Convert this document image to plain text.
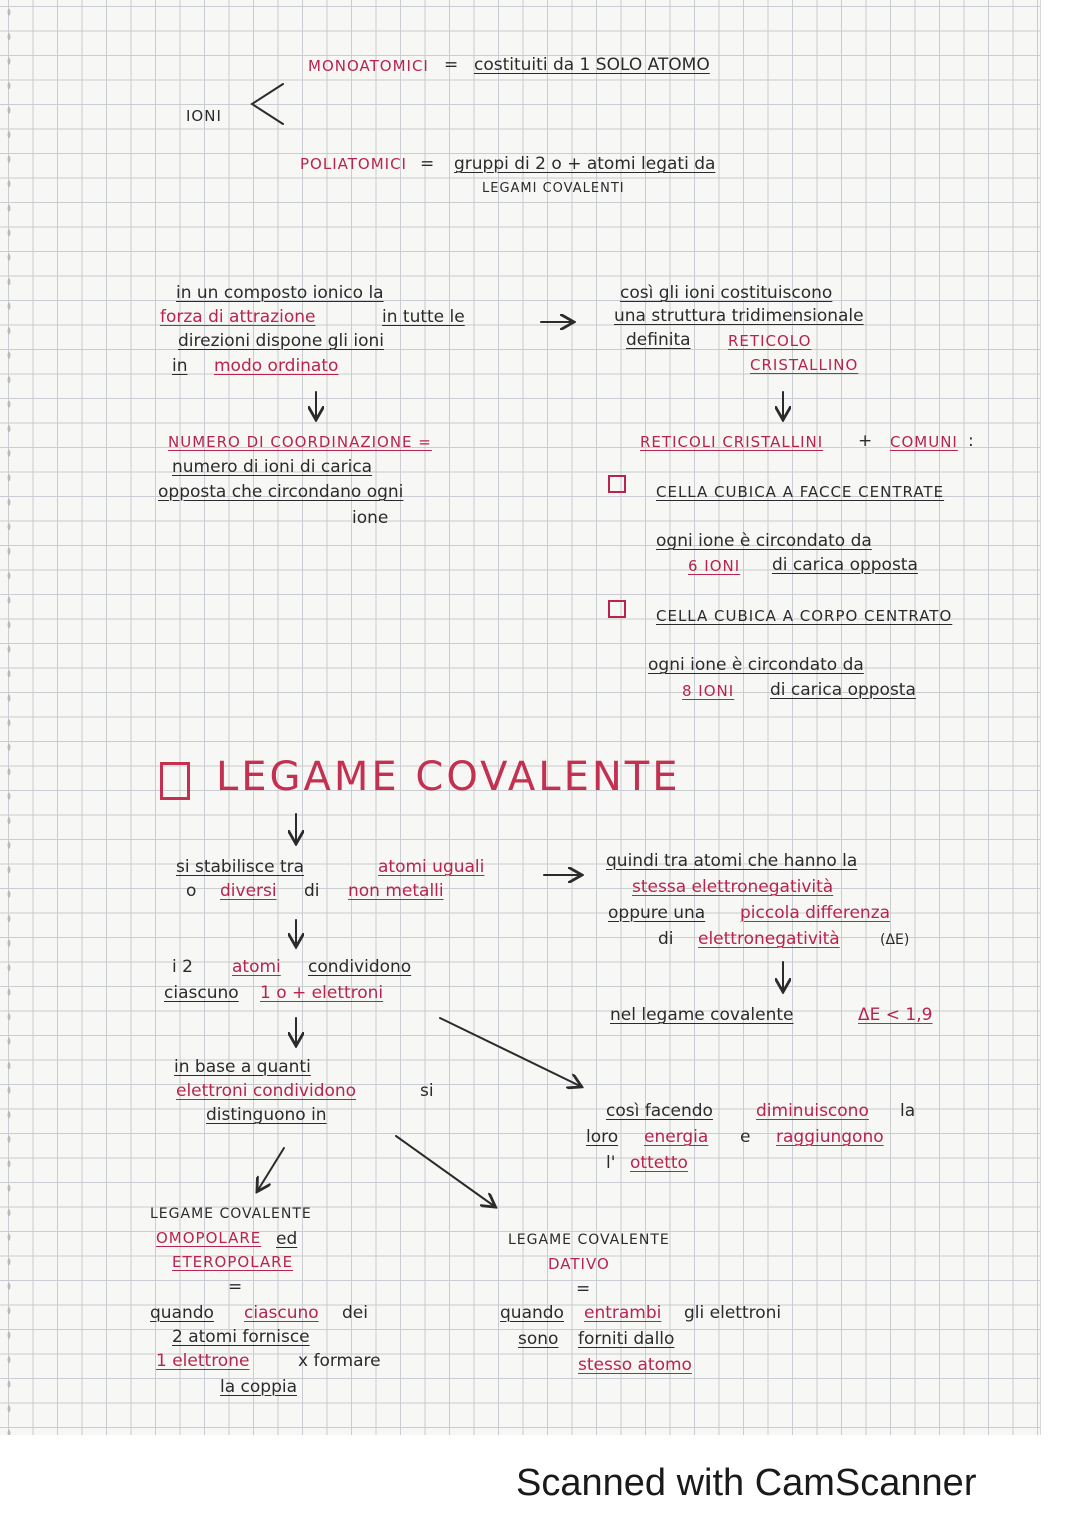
IONI
MONOATOMICI = costituiti da 1 SOLO ATOMO
POLIATOMICI = gruppi di 2 o + atomi legati da
LEGAMI COVALENTI
in un composto ionico la
forza di attrazione	in tutte le
direzioni dispone gli ioni
in modo ordinato
così gli ioni costituiscono
una struttura tridimensionale
definita RETICOLO
CRISTALLINO
NUMERO DI COORDINAZIONE =
numero di ioni di carica
opposta che circondano ogni
ione
RETICOLI CRISTALLINI + COMUNI :
CELLA CUBICA A FACCE CENTRATE
ogni ione è circondato da
6 IONI di carica opposta
CELLA CUBICA A CORPO CENTRATO
ogni ione è circondato da
8 IONI di carica opposta
LEGAME COVALENTE
si stabilisce tra	atomi uguali
o diversi di non metalli
i 2 atomi condividono
ciascuno 1 o + elettroni
in base a quanti
elettroni condividono	si
distinguono in
quindi tra atomi che hanno la
stessa elettronegatività
oppure una piccola differenza
di elettronegatività	(ΔE)
nel legame covalente	ΔE < 1,9
così facendo	diminuiscono la
loro energia e raggiungono
l' ottetto
LEGAME COVALENTE
OMOPOLARE ed
ETEROPOLARE
=
quando ciascuno dei
2 atomi fornisce
1 elettrone	x formare
la coppia
LEGAME COVALENTE
DATIVO
=
quando entrambi gli elettroni
sono forniti dallo
stesso atomo
Scanned with CamScanner
